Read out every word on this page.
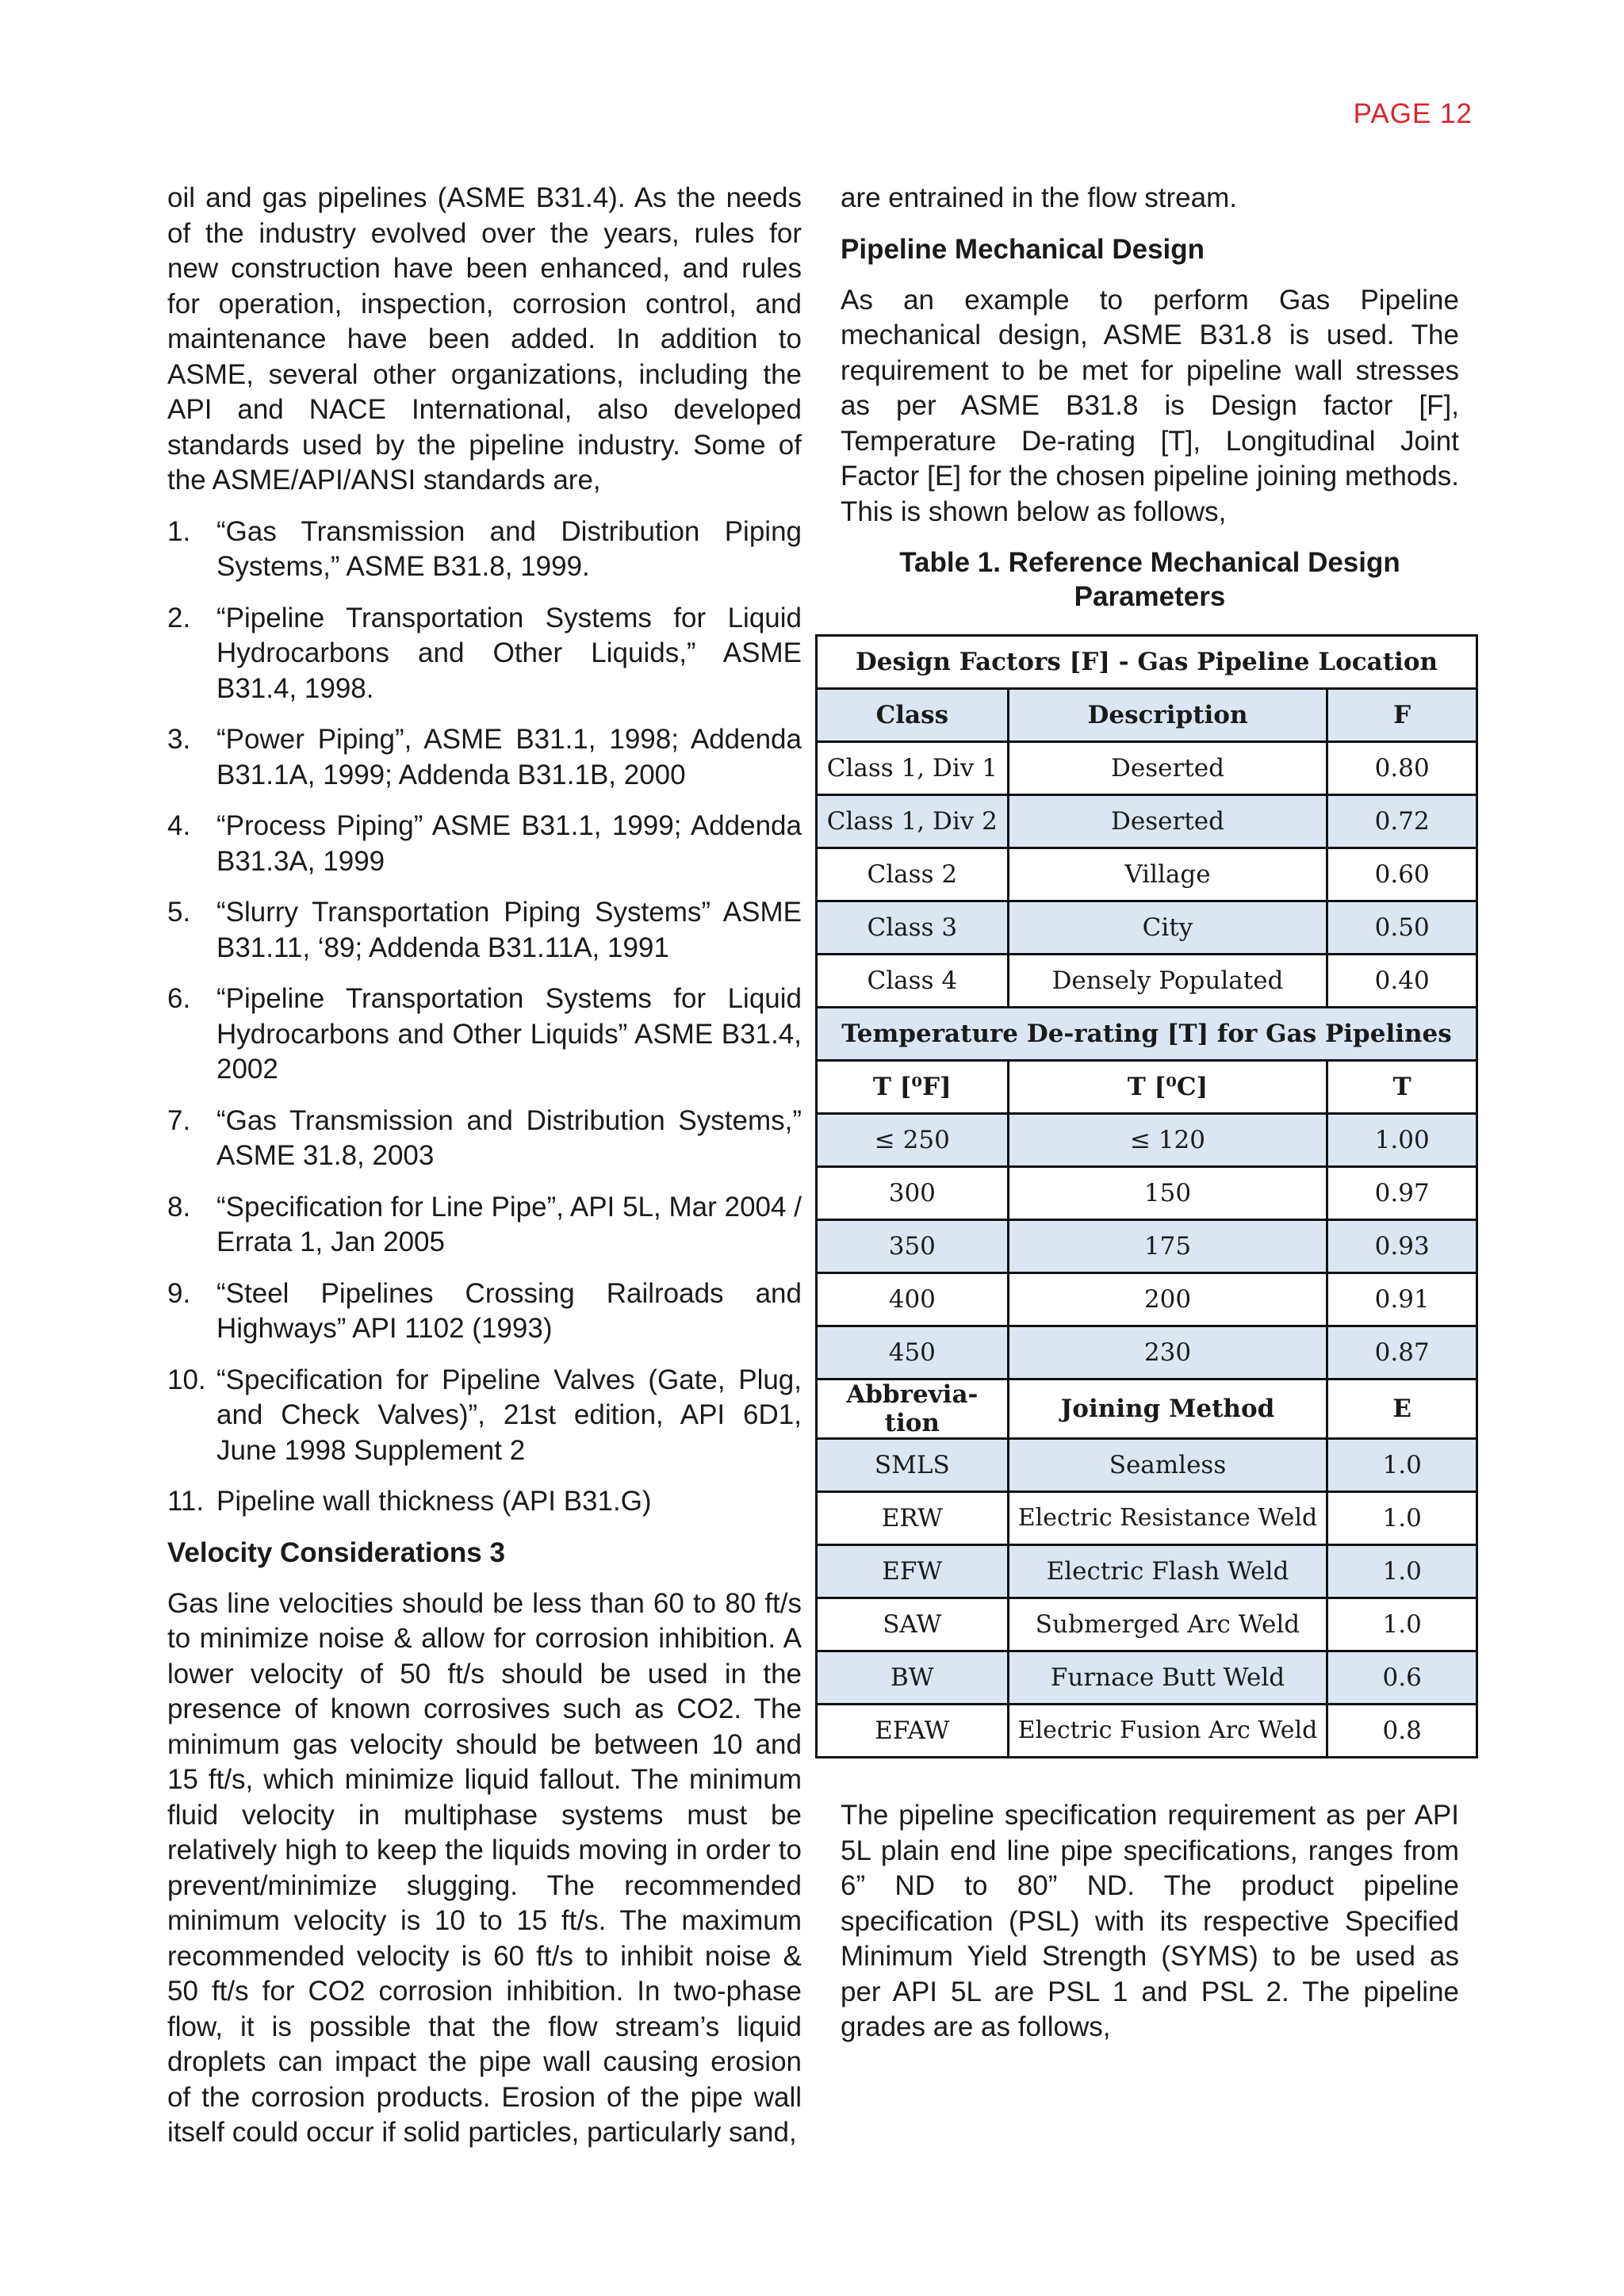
PAGE 12

oil and gas pipelines (ASME B31.4). As the needs of the industry evolved over the years, rules for new construction have been enhanced, and rules for operation, inspection, corrosion control, and maintenance have been added. In addition to ASME, several other organizations, including the API and NACE International, also developed standards used by the pipeline industry. Some of the ASME/API/ANSI standards are,

1. “Gas Transmission and Distribution Piping Systems,” ASME B31.8, 1999.
2. “Pipeline Transportation Systems for Liquid Hydrocarbons and Other Liquids,” ASME B31.4, 1998.
3. “Power Piping”, ASME B31.1, 1998; Addenda B31.1A, 1999; Addenda B31.1B, 2000
4. “Process Piping” ASME B31.1, 1999; Addenda B31.3A, 1999
5. “Slurry Transportation Piping Systems” ASME B31.11, ‘89; Addenda B31.11A, 1991
6. “Pipeline Transportation Systems for Liquid Hydrocarbons and Other Liquids” ASME B31.4, 2002
7. “Gas Transmission and Distribution Systems,” ASME 31.8, 2003
8. “Specification for Line Pipe”, API 5L, Mar 2004 / Errata 1, Jan 2005
9. “Steel Pipelines Crossing Railroads and Highways” API 1102 (1993)
10. “Specification for Pipeline Valves (Gate, Plug, and Check Valves)”, 21st edition, API 6D1, June 1998 Supplement 2
11. Pipeline wall thickness (API B31.G)
Velocity Considerations 3

Gas line velocities should be less than 60 to 80 ft/s to minimize noise & allow for corrosion inhibition. A lower velocity of 50 ft/s should be used in the presence of known corrosives such as CO2. The minimum gas velocity should be between 10 and 15 ft/s, which minimize liquid fallout. The minimum fluid velocity in multiphase systems must be relatively high to keep the liquids moving in order to prevent/minimize slugging. The recommended minimum velocity is 10 to 15 ft/s. The maximum recommended velocity is 60 ft/s to inhibit noise & 50 ft/s for CO2 corrosion inhibition. In two-phase flow, it is possible that the flow stream’s liquid droplets can impact the pipe wall causing erosion of the corrosion products. Erosion of the pipe wall itself could occur if solid particles, particularly sand,

are entrained in the flow stream.

Pipeline Mechanical Design

As an example to perform Gas Pipeline mechanical design, ASME B31.8 is used. The requirement to be met for pipeline wall stresses as per ASME B31.8 is Design factor [F], Temperature De-rating [T], Longitudinal Joint Factor [E] for the chosen pipeline joining methods. This is shown below as follows,

Table 1. Reference Mechanical Design Parameters
Design Factors [F] - Gas Pipeline Location		
Class	Description	F
Class 1, Div 1	Deserted	0.80
Class 1, Div 2	Deserted	0.72
Class 2	Village	0.60
Class 3	City	0.50
Class 4	Densely Populated	0.40
Temperature De-rating [T] for Gas Pipelines		
T [⁰F]	T [⁰C]	T
≤ 250	≤ 120	1.00
300	150	0.97
350	175	0.93
400	200	0.91
450	230	0.87
Abbrevia-tion	Joining Method	E
SMLS	Seamless	1.0
ERW	Electric Resistance Weld	1.0
EFW	Electric Flash Weld	1.0
SAW	Submerged Arc Weld	1.0
BW	Furnace Butt Weld	0.6
EFAW	Electric Fusion Arc Weld	0.8

The pipeline specification requirement as per API 5L plain end line pipe specifications, ranges from 6” ND to 80” ND. The product pipeline specification (PSL) with its respective Specified Minimum Yield Strength (SYMS) to be used as per API 5L are PSL 1 and PSL 2. The pipeline grades are as follows,
